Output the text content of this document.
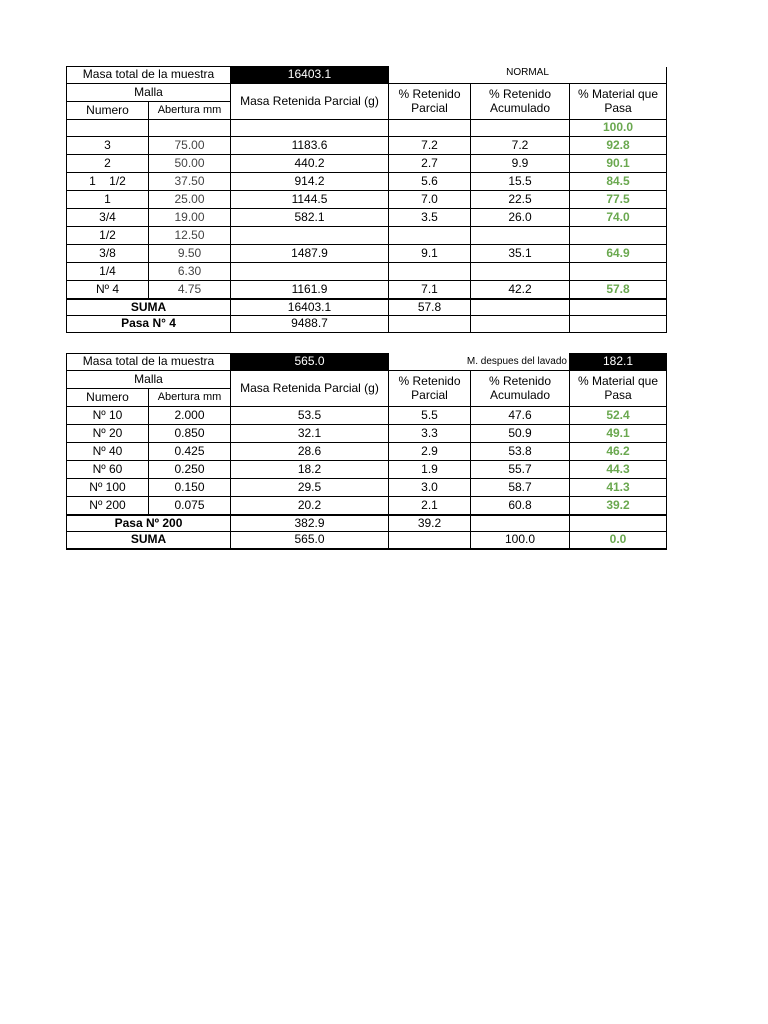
Masa total de la muestra		16403.1	NORMAL		
Malla		Masa Retenida Parcial (g)	% Retenido Parcial	% Retenido Acumulado	% Material que Pasa
Numero	Abertura mm				
					100.0
3	75.00	1183.6	7.2	7.2	92.8
2	50.00	440.2	2.7	9.9	90.1
1    1/2	37.50	914.2	5.6	15.5	84.5
1	25.00	1144.5	7.0	22.5	77.5
3/4	19.00	582.1	3.5	26.0	74.0
1/2	12.50				
3/8	9.50	1487.9	9.1	35.1	64.9
1/4	6.30				
Nº 4	4.75	1161.9	7.1	42.2	57.8
SUMA		16403.1	57.8		
Pasa N° 4		9488.7			
Masa total de la muestra		565.0	M. despues del lavado		182.1
Malla		Masa Retenida Parcial (g)	% Retenido Parcial	% Retenido Acumulado	% Material que Pasa
Numero	Abertura mm				
Nº 10	2.000	53.5	5.5	47.6	52.4
Nº 20	0.850	32.1	3.3	50.9	49.1
Nº 40	0.425	28.6	2.9	53.8	46.2
Nº 60	0.250	18.2	1.9	55.7	44.3
Nº 100	0.150	29.5	3.0	58.7	41.3
Nº 200	0.075	20.2	2.1	60.8	39.2
Pasa Nº 200		382.9	39.2		
SUMA		565.0		100.0	0.0
